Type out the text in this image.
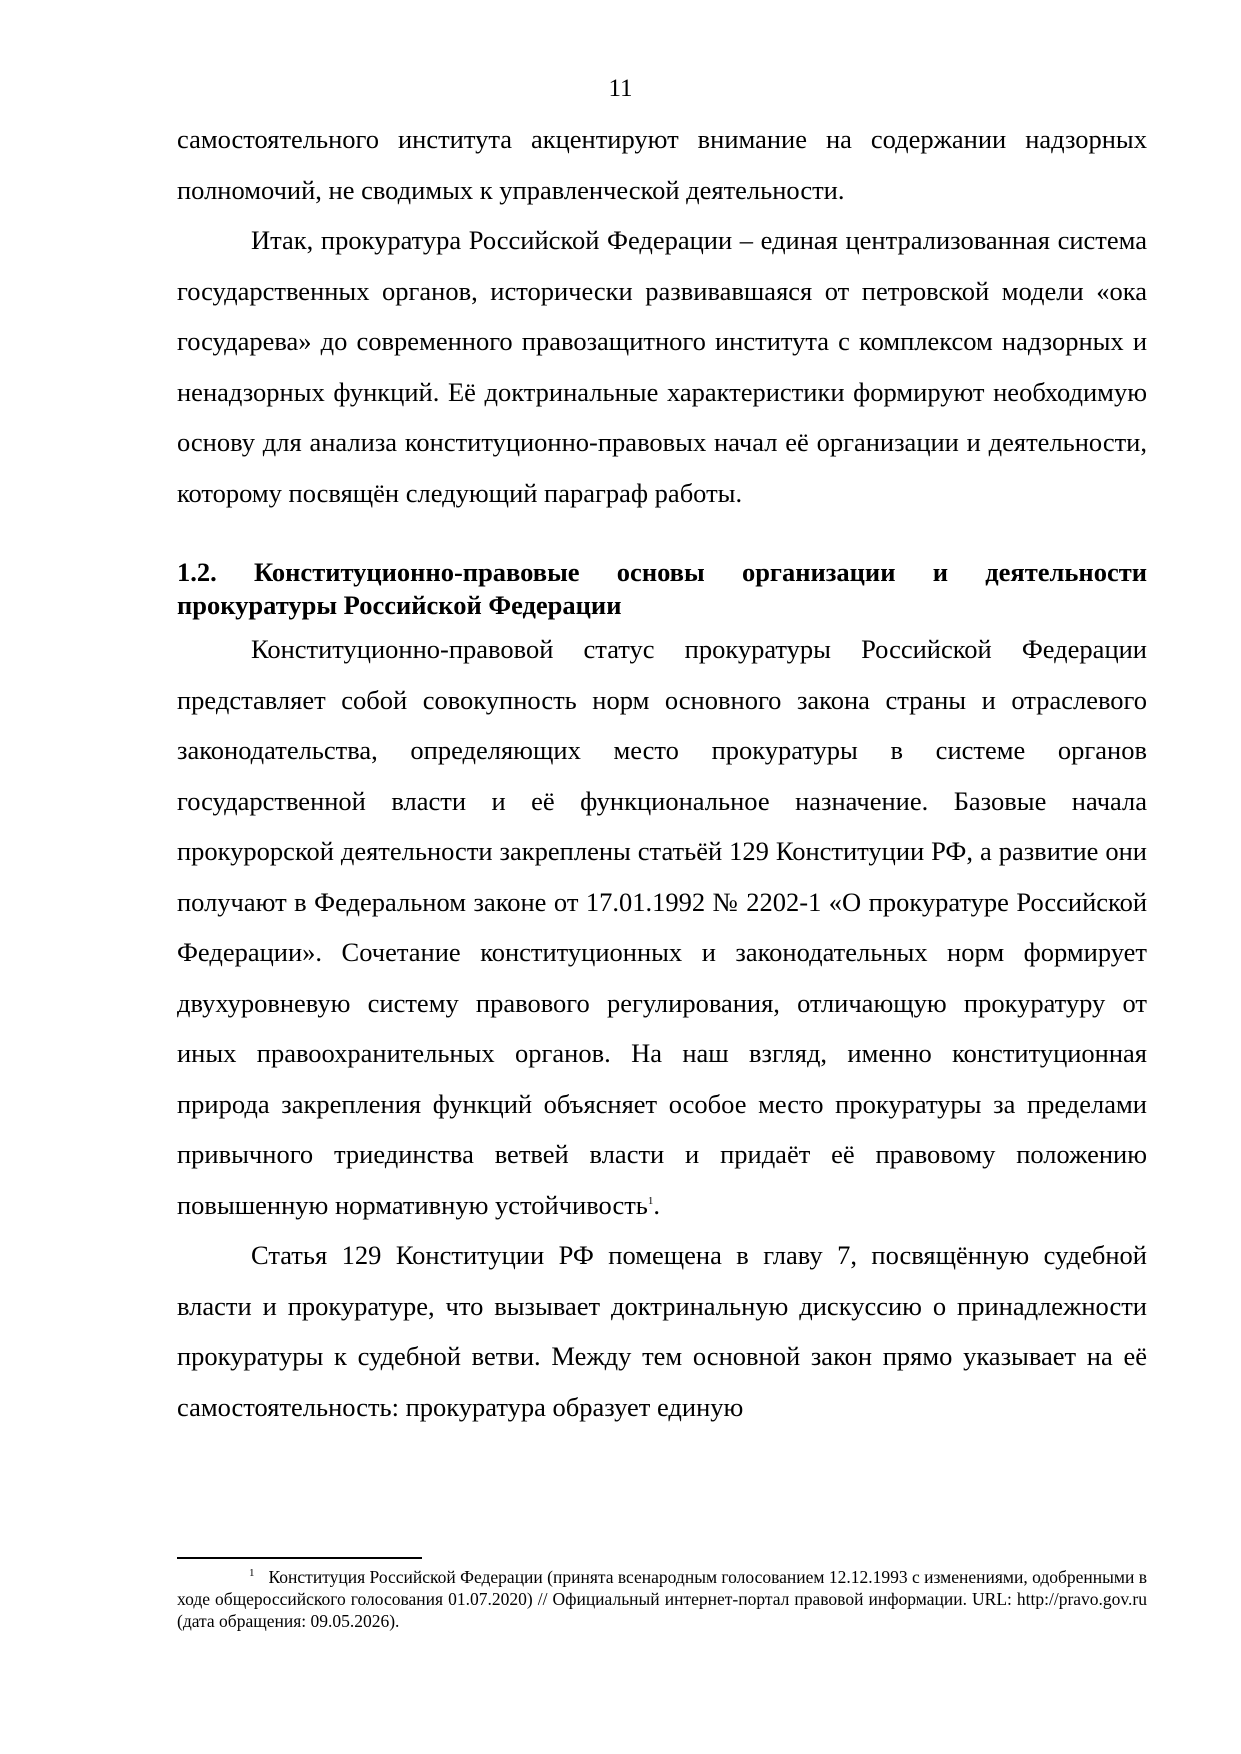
11

самостоятельного института акцентируют внимание на содержании надзорных полномочий, не сводимых к управленческой деятельности.

Итак, прокуратура Российской Федерации – единая централизованная система государственных органов, исторически развивавшаяся от петровской модели «ока государева» до современного правозащитного института с комплексом надзорных и ненадзорных функций. Её доктринальные характеристики формируют необходимую основу для анализа конституционно-правовых начал её организации и деятельности, которому посвящён следующий параграф работы.

1.2. Конституционно-правовые основы организации и деятельности прокуратуры Российской Федерации

Конституционно-правовой статус прокуратуры Российской Федерации представляет собой совокупность норм основного закона страны и отраслевого законодательства, определяющих место прокуратуры в системе органов государственной власти и её функциональное назначение. Базовые начала прокурорской деятельности закреплены статьёй 129 Конституции РФ, а развитие они получают в Федеральном законе от 17.01.1992 № 2202-1 «О прокуратуре Российской Федерации». Сочетание конституционных и законодательных норм формирует двухуровневую систему правового регулирования, отличающую прокуратуру от иных правоохранительных органов. На наш взгляд, именно конституционная природа закрепления функций объясняет особое место прокуратуры за пределами привычного триединства ветвей власти и придаёт её правовому положению повышенную нормативную устойчивость$^1$.

Статья 129 Конституции РФ помещена в главу 7, посвящённую судебной власти и прокуратуре, что вызывает доктринальную дискуссию о принадлежности прокуратуры к судебной ветви. Между тем основной закон прямо указывает на её самостоятельность: прокуратура образует единую

$^1$ Конституция Российской Федерации (принята всенародным голосованием 12.12.1993 с изменениями, одобренными в ходе общероссийского голосования 01.07.2020) // Официальный интернет-портал правовой информации. URL: http://pravo.gov.ru (дата обращения: 09.05.2026).
